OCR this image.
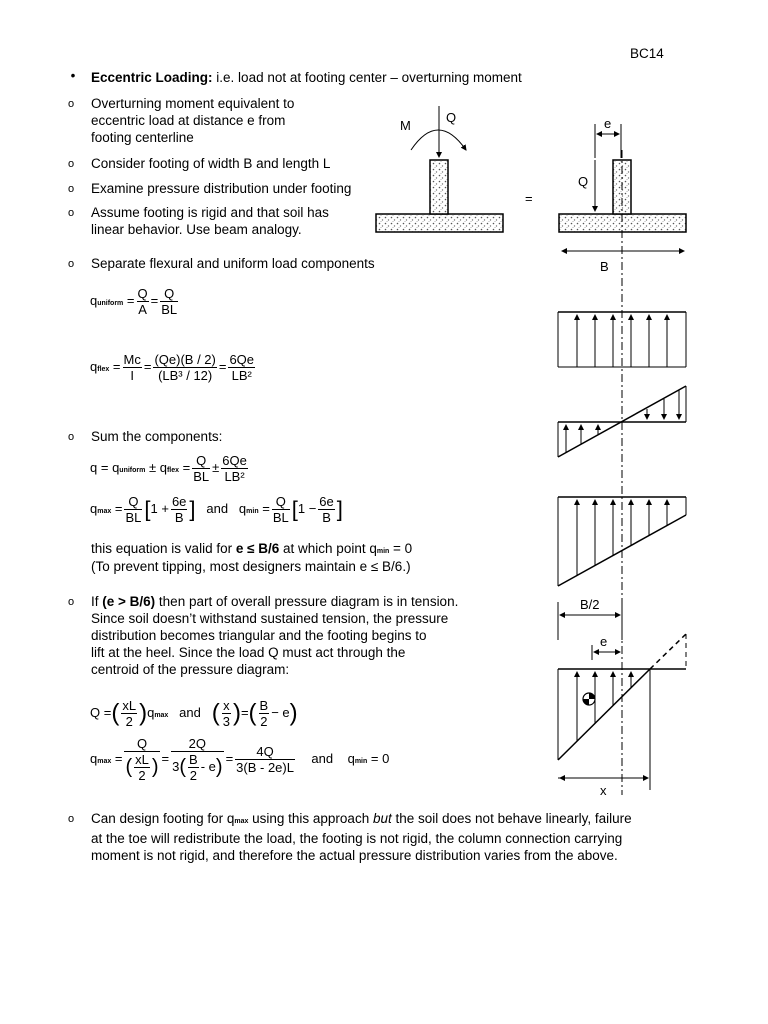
BC14
• Eccentric Loading: i.e. load not at footing center – overturning moment
o Overturning moment equivalent to
eccentric load at distance e from
footing centerline
o Consider footing of width B and length L
o Examine pressure distribution under footing
o Assume footing is rigid and that soil has
linear behavior. Use beam analogy.
o Separate flexural and uniform load components
quniform = $\frac{Q}{A} = \frac{Q}{BL}$
qflex = $\frac{Mc}{I} = \frac{(Qe)(B / 2)}{\text{(LB³ / 12)}} = \frac{6Qe}{\text{LB²}}$
o Sum the components:
q = quniform ± qflex = $\frac{Q}{BL} \pm \frac{6Qe}{\text{LB²}}$
$qmax = \frac{Q}{BL} [1 + \frac{6e}{B}$ ] and $qmin = \frac{Q}{BL} [1 - \frac{6e}{B}$ ]
this equation is valid for e ≤ B/6 at which point qmin = 0
(To prevent tipping, most designers maintain e ≤ B/6.)
o If (e > B/6) then part of overall pressure diagram is in tension.
Since soil doesn’t withstand sustained tension, the pressure
distribution becomes triangular and the footing begins to
lift at the heel. Since the load Q must act through the
centroid of the pressure diagram:
Q =( $\frac{xL}{2} )qmax$ and ( $\frac{x}{3}$ )=( $\frac{B}{2} - e$)
$qmax = \frac{Q}{( \frac{xL}{2} )} = \frac{2Q}{3( \frac{B}{2} - e)} = \frac{4Q}{3(B - 2e)L}$ and qmin = 0
o Can design footing for qmax using this approach but the soil does not behave linearly, failure
at the toe will redistribute the load, the footing is not rigid, the column connection carrying
moment is not rigid, and therefore the actual pressure distribution varies from the above.
M
Q
=
Q
e
B
B/2
e
x
